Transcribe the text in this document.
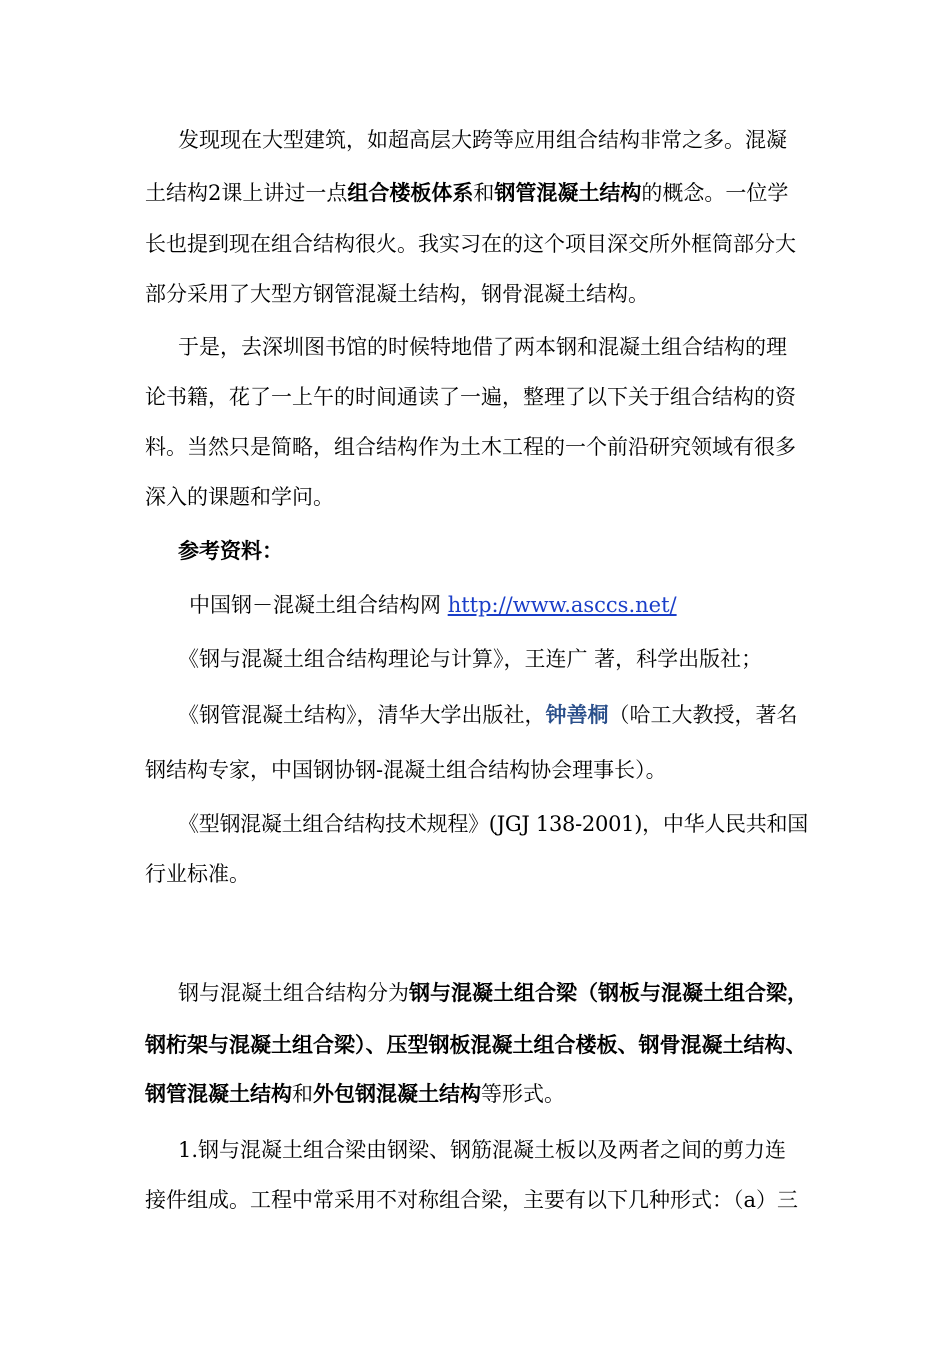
发现现在大型建筑，如超高层大跨等应用组合结构非常之多。混凝
土结构2课上讲过一点组合楼板体系和钢管混凝土结构的概念。一位学
长也提到现在组合结构很火。我实习在的这个项目深交所外框筒部分大
部分采用了大型方钢管混凝土结构，钢骨混凝土结构。
于是，去深圳图书馆的时候特地借了两本钢和混凝土组合结构的理
论书籍，花了一上午的时间通读了一遍，整理了以下关于组合结构的资
料。当然只是简略，组合结构作为土木工程的一个前沿研究领域有很多
深入的课题和学问。
参考资料：
中国钢－混凝土组合结构网 http://www.asccs.net/
《钢与混凝土组合结构理论与计算》，王连广 著，科学出版社；
《钢管混凝土结构》，清华大学出版社，钟善桐（哈工大教授，著名
钢结构专家，中国钢协钢-混凝土组合结构协会理事长）。
《型钢混凝土组合结构技术规程》(JGJ 138-2001)，中华人民共和国
行业标准。
钢与混凝土组合结构分为钢与混凝土组合梁（钢板与混凝土组合梁，
钢桁架与混凝土组合梁）、压型钢板混凝土组合楼板、钢骨混凝土结构、
钢管混凝土结构和外包钢混凝土结构等形式。
1.钢与混凝土组合梁由钢梁、钢筋混凝土板以及两者之间的剪力连
接件组成。工程中常采用不对称组合梁，主要有以下几种形式：（a）三
